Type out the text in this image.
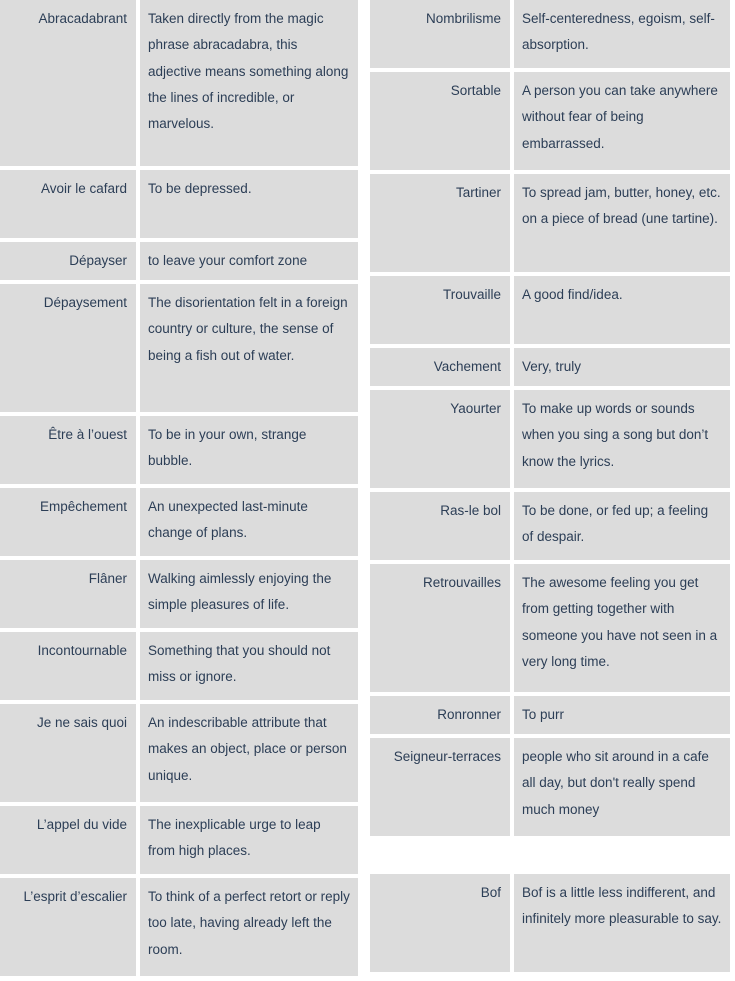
Abracadabrant	Taken directly from the magic phrase abracadabra, this adjective means something along the lines of incredible, or marvelous.
Avoir le cafard	To be depressed.
Dépayser	to leave your comfort zone
Dépaysement	The disorientation felt in a foreign country or culture, the sense of being a fish out of water.
Être à l’ouest	To be in your own, strange bubble.
Empêchement	An unexpected last-minute change of plans.
Flâner	Walking aimlessly enjoying the simple pleasures of life.
Incontournable	Something that you should not miss or ignore.
Je ne sais quoi	An indescribable attribute that makes an object, place or person unique.
L’appel du vide	The inexplicable urge to leap from high places.
L’esprit d’escalier	To think of a perfect retort or reply too late, having already left the room.
Nombrilisme	Self-centeredness, egoism, self-absorption.
Sortable	A person you can take anywhere without fear of being embarrassed.
Tartiner	To spread jam, butter, honey, etc. on a piece of bread (une tartine).
Trouvaille	A good find/idea.
Vachement	Very, truly
Yaourter	To make up words or sounds when you sing a song but don’t know the lyrics.
Ras-le bol	To be done, or fed up; a feeling of despair.
Retrouvailles	The awesome feeling you get from getting together with someone you have not seen in a very long time.
Ronronner	To purr
Seigneur-terraces	people who sit around in a cafe all day, but don't really spend much money
Bof	Bof is a little less indifferent, and infinitely more pleasurable to say.
